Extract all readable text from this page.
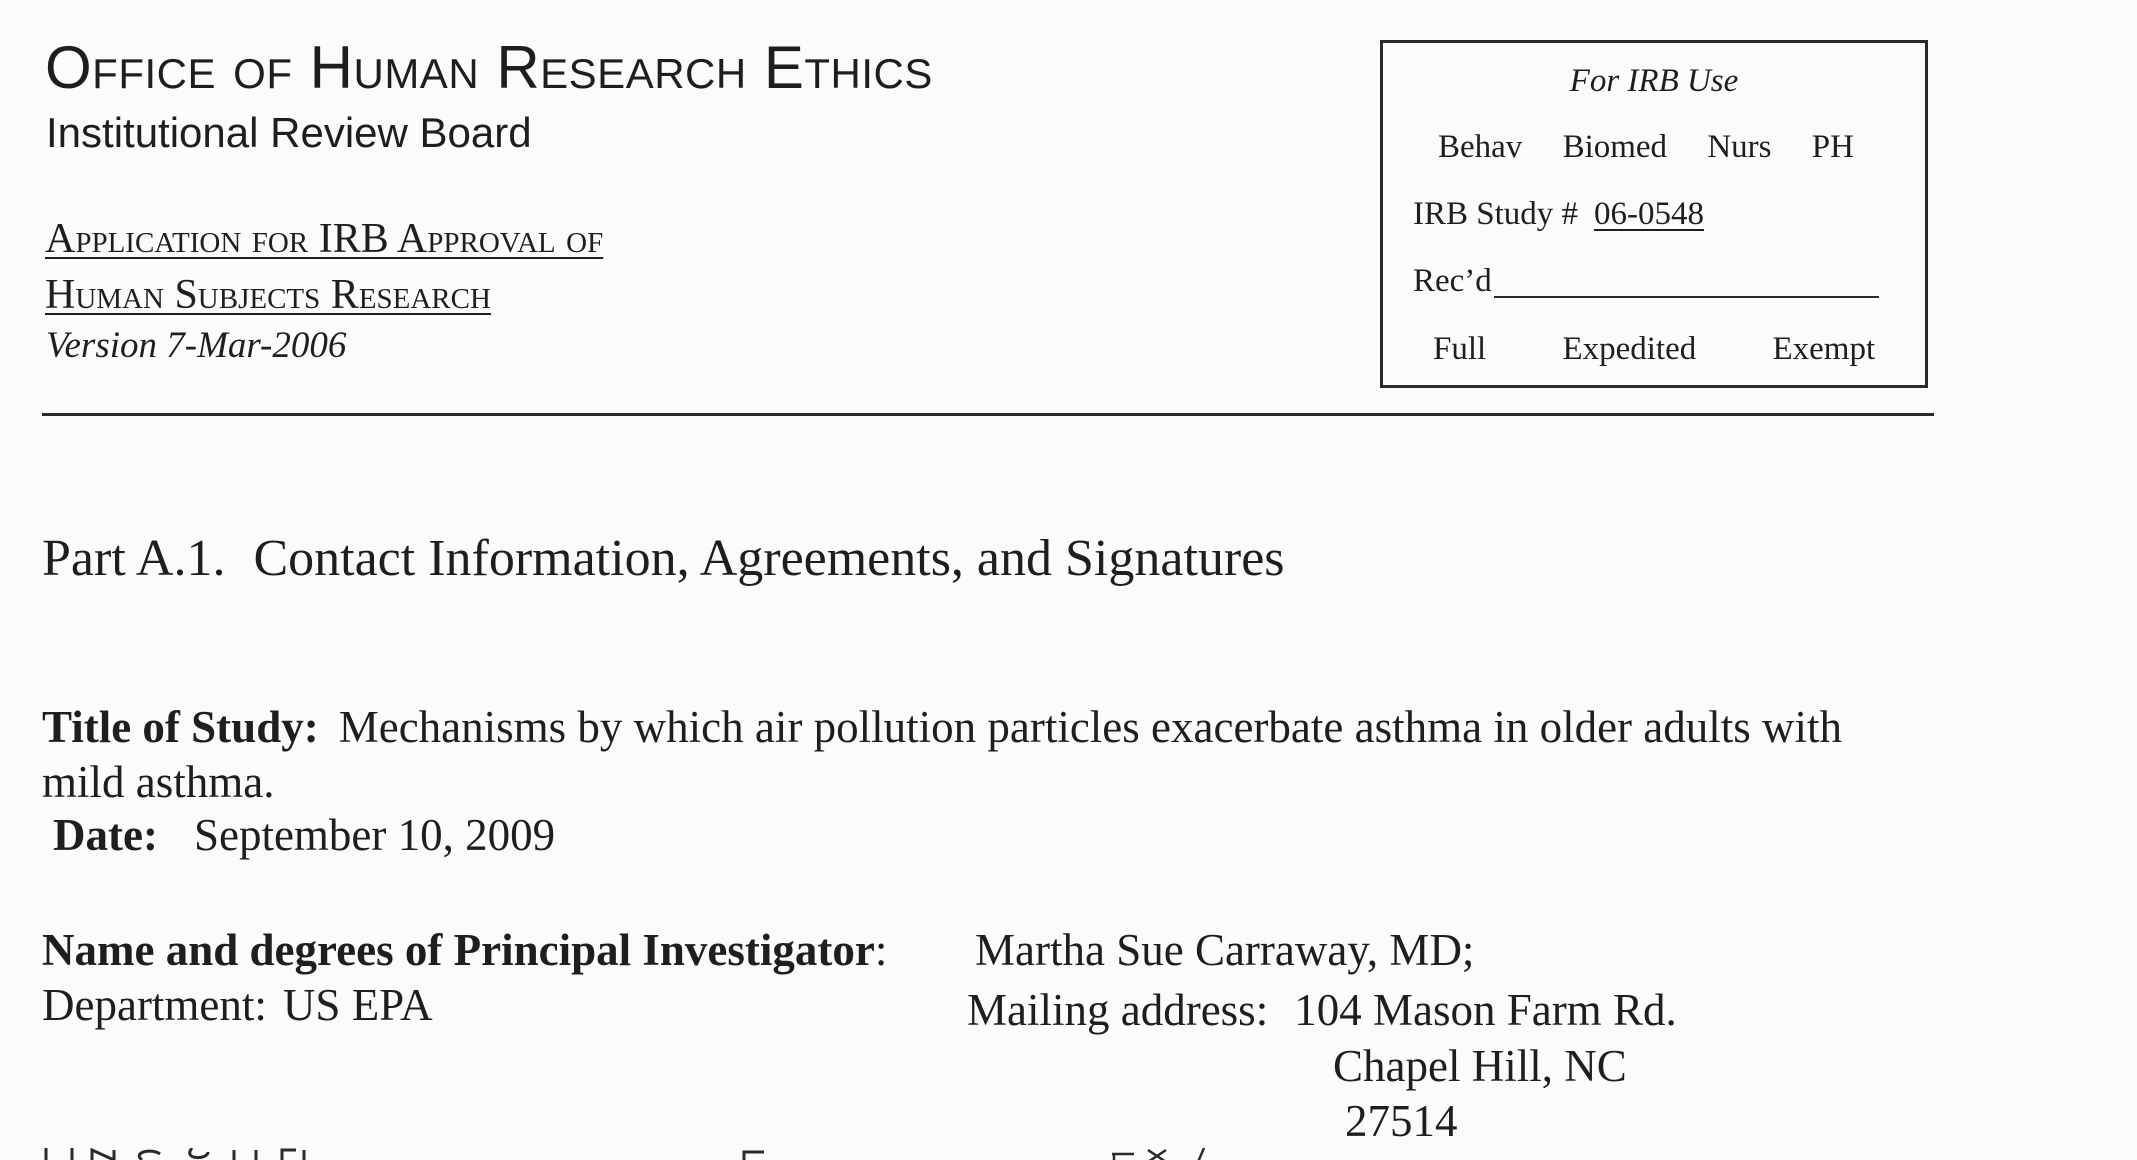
Office of Human Research Ethics
Institutional Review Board
Application for IRB Approval of
Human Subjects Research
Version 7-Mar-2006
For IRB Use
Behav Biomed Nurs PH
IRB Study # 06-0548
Rec’d
Full Expedited Exempt
Part A.1. Contact Information, Agreements, and Signatures
Title of Study: Mechanisms by which air pollution particles exacerbate asthma in older adults with mild asthma.
Date: September 10, 2009
Name and degrees of Principal Investigator: Martha Sue Carraway, MD;
Department: US EPA	Mailing address: 104 Mason Farm Rd.
Chapel Hill, NC
27514
